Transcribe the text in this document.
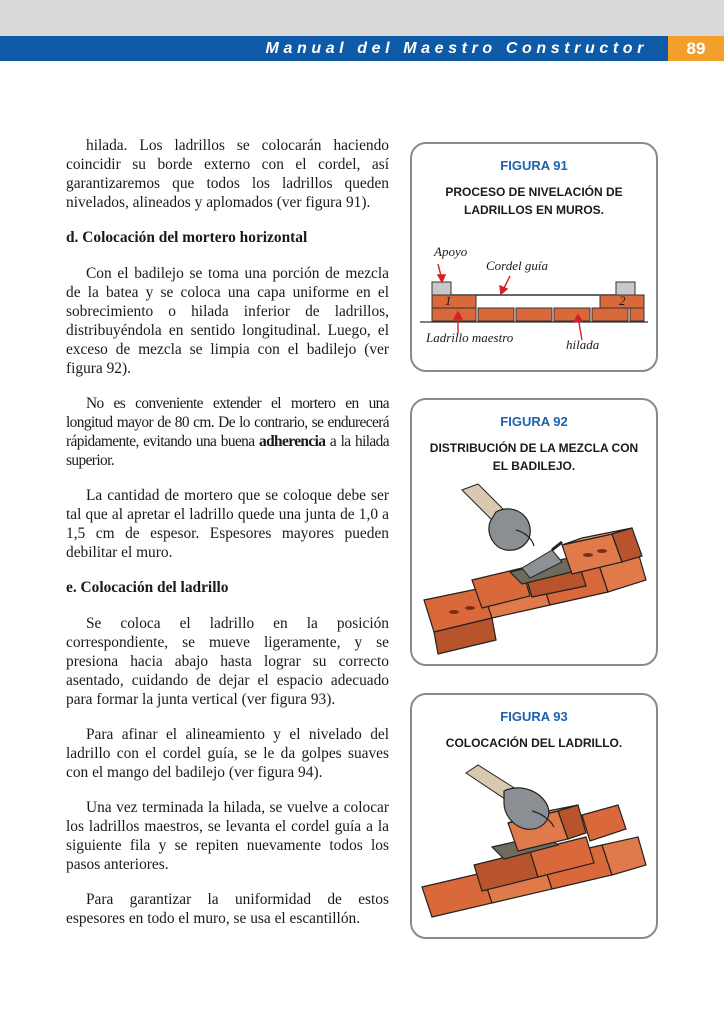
Manual del Maestro Constructor	89

hilada. Los ladrillos se colocarán haciendo coincidir su borde externo con el cordel, así garantizaremos que todos los ladrillos queden nivelados, alineados y aplomados (ver figura 91).

d. Colocación del mortero horizontal

Con el badilejo se toma una porción de mezcla de la batea y se coloca una capa uniforme en el sobrecimiento o hilada inferior de ladrillos, distribuyéndola en sentido longitudinal. Luego, el exceso de mezcla se limpia con el badilejo (ver figura 92).

No es conveniente extender el mortero en una longitud mayor de 80 cm. De lo contrario, se endurecerá rápidamente, evitando una buena adherencia a la hilada superior.

La cantidad de mortero que se coloque debe ser tal que al apretar el ladrillo quede una junta de 1,0 a 1,5 cm de espesor. Espesores mayores pueden debilitar el muro.

e. Colocación del ladrillo

Se coloca el ladrillo en la posición correspondiente, se mueve ligeramente, y se presiona hacia abajo hasta lograr su correcto asentado, cuidando de dejar el espacio adecuado para formar la junta vertical (ver figura 93).

Para afinar el alineamiento y el nivelado del ladrillo con el cordel guía, se le da golpes suaves con el mango del badilejo (ver figura 94).

Una vez terminada la hilada, se vuelve a colocar los ladrillos maestros, se levanta el cordel guía a la siguiente fila y se repiten nuevamente todos los pasos anteriores.

Para garantizar la uniformidad de estos espesores en todo el muro, se usa el escantillón.

FIGURA 91
PROCESO DE NIVELACIÓN DE LADRILLOS EN MUROS.
Apoyo
Cordel guía
1	2
Ladrillo maestro	hilada
FIGURA 92
DISTRIBUCIÓN DE LA MEZCLA CON EL BADILEJO.
FIGURA 93
COLOCACIÓN DEL LADRILLO.
